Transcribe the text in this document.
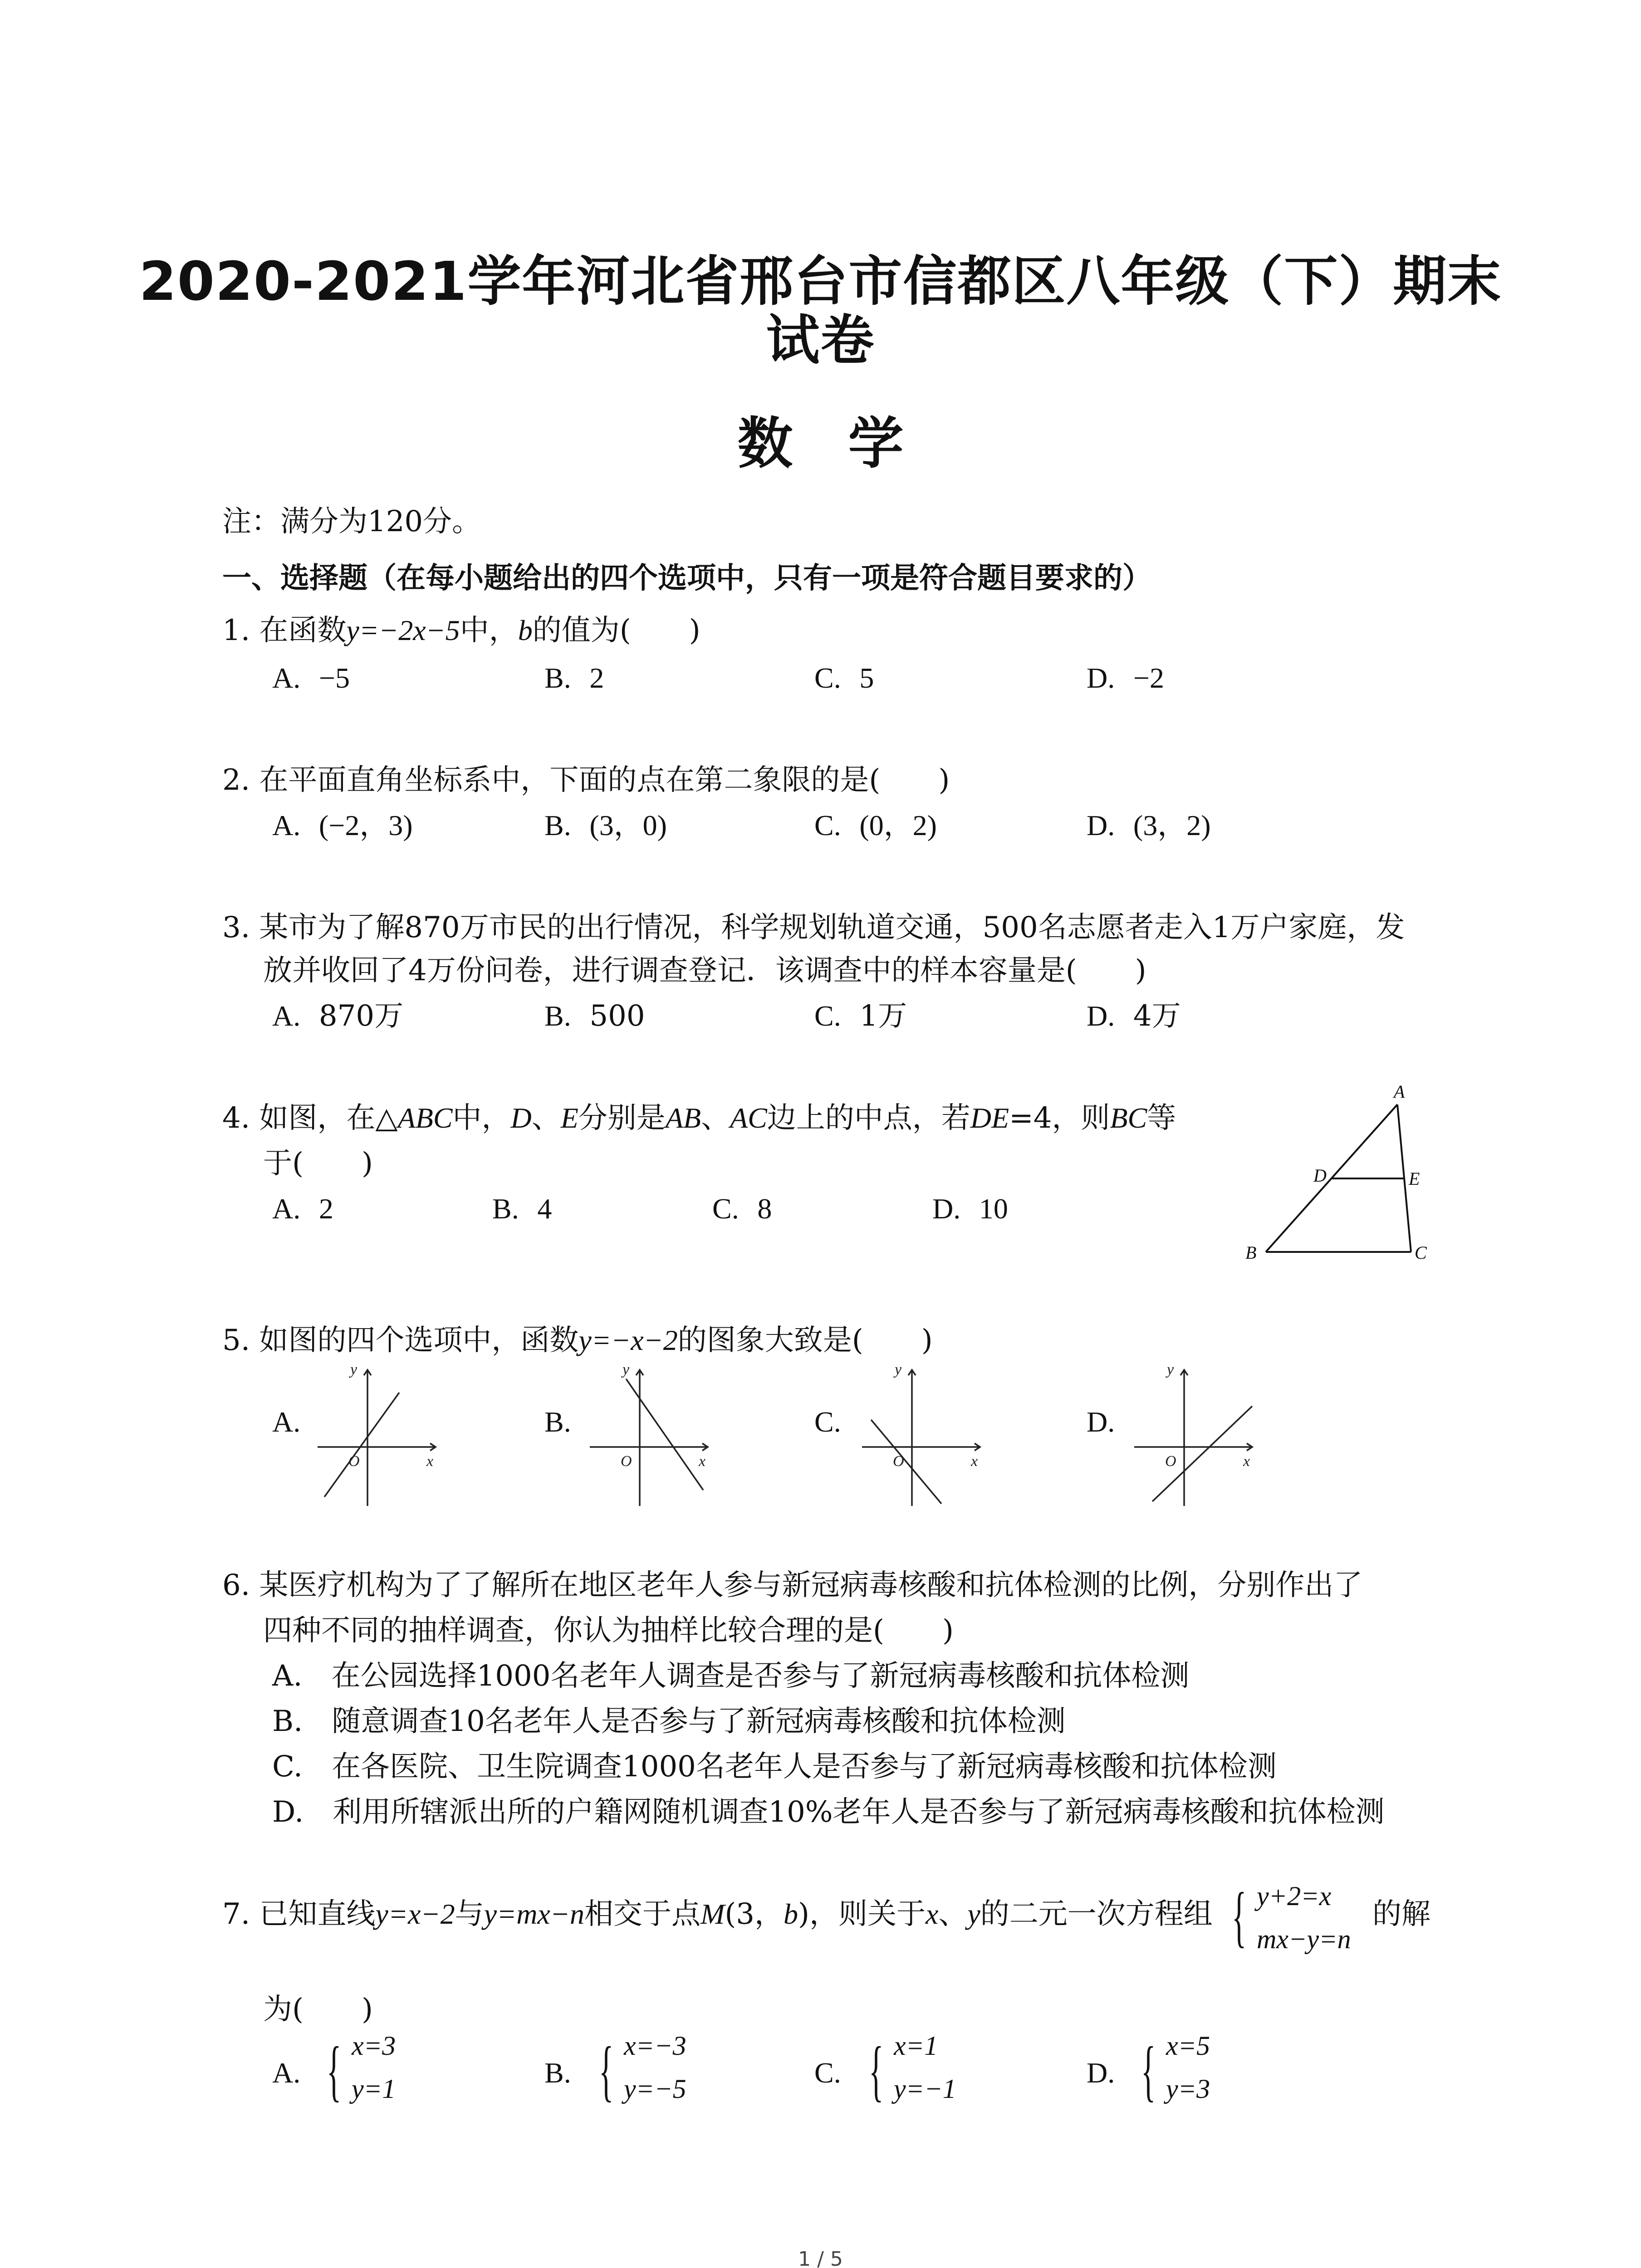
2020-2021学年河北省邢台市信都区八年级（下）期末
试卷
数　学
注：满分为120分。
一、选择题（在每小题给出的四个选项中，只有一项是符合题目要求的）
1. 在函数y=−2x−5中，b的值为(　　)
A. −5	B. 2	C. 5	D. −2
2. 在平面直角坐标系中，下面的点在第二象限的是(　　)
A. (−2，3)	B. (3，0)	C. (0，2)	D. (3，2)
3. 某市为了解870万市民的出行情况，科学规划轨道交通，500名志愿者走入1万户家庭，发
放并收回了4万份问卷，进行调查登记．该调查中的样本容量是(　　)
A. 870万	B. 500	C. 1万	D. 4万
4. 如图，在△ABC中，D、E分别是AB、AC边上的中点，若DE=4，则BC等
于(　　)
A. 2	B. 4	C. 8	D. 10
A
D	E
B	C
5. 如图的四个选项中，函数y=−x−2的图象大致是(　　)
A.	B.	C.	D.
y
O	x
y
O	x
y
O	x
y
O	x
6. 某医疗机构为了了解所在地区老年人参与新冠病毒核酸和抗体检测的比例，分别作出了
四种不同的抽样调查，你认为抽样比较合理的是(　　)
A.　在公园选择1000名老年人调查是否参与了新冠病毒核酸和抗体检测
B.　随意调查10名老年人是否参与了新冠病毒核酸和抗体检测
C.　在各医院、卫生院调查1000名老年人是否参与了新冠病毒核酸和抗体检测
D.　利用所辖派出所的户籍网随机调查10%老年人是否参与了新冠病毒核酸和抗体检测
7. 已知直线y=x−2与y=mx−n相交于点M(3，b)，则关于x、y的二元一次方程组 { y+2=x
mx−y=n
的解
为(　　)
A. { x=3
y=1	B. { x=−3
y=−5	C. { x=1
y=−1	D. { x=5
y=3
1 / 5
